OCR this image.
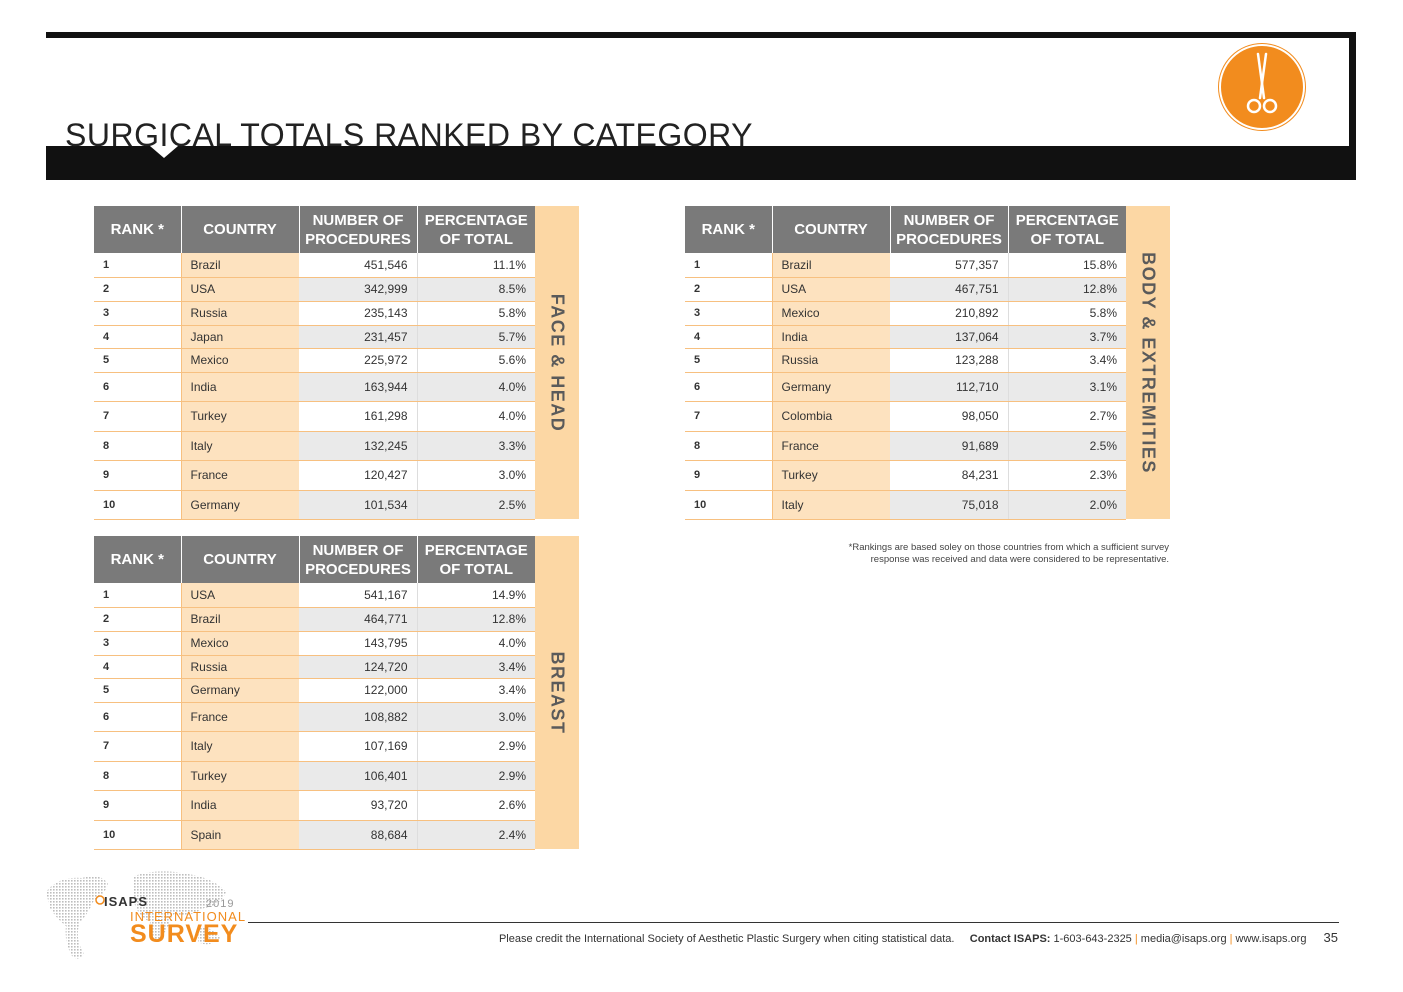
SURGICAL TOTALS RANKED BY CATEGORY
RANK *	COUNTRY	NUMBER OF
PROCEDURES	PERCENTAGE
OF TOTAL
1	Brazil	451,546	11.1%
2	USA	342,999	8.5%
3	Russia	235,143	5.8%
4	Japan	231,457	5.7%
5	Mexico	225,972	5.6%
6	India	163,944	4.0%
7	Turkey	161,298	4.0%
8	Italy	132,245	3.3%
9	France	120,427	3.0%
10	Germany	101,534	2.5%
FACE & HEAD
RANK *	COUNTRY	NUMBER OF
PROCEDURES	PERCENTAGE
OF TOTAL
1	Brazil	577,357	15.8%
2	USA	467,751	12.8%
3	Mexico	210,892	5.8%
4	India	137,064	3.7%
5	Russia	123,288	3.4%
6	Germany	112,710	3.1%
7	Colombia	98,050	2.7%
8	France	91,689	2.5%
9	Turkey	84,231	2.3%
10	Italy	75,018	2.0%
BODY & EXTREMITIES
RANK *	COUNTRY	NUMBER OF
PROCEDURES	PERCENTAGE
OF TOTAL
1	USA	541,167	14.9%
2	Brazil	464,771	12.8%
3	Mexico	143,795	4.0%
4	Russia	124,720	3.4%
5	Germany	122,000	3.4%
6	France	108,882	3.0%
7	Italy	107,169	2.9%
8	Turkey	106,401	2.9%
9	India	93,720	2.6%
10	Spain	88,684	2.4%
BREAST
*Rankings are based soley on those countries from which a sufficient survey
response was received and data were considered to be representative.
ISAPS	2019
INTERNATIONAL
SURVEY	Please credit the International Society of Aesthetic Plastic Surgery when citing statistical data. Contact ISAPS: 1-603-643-2325 | media@isaps.org | www.isaps.org 35
